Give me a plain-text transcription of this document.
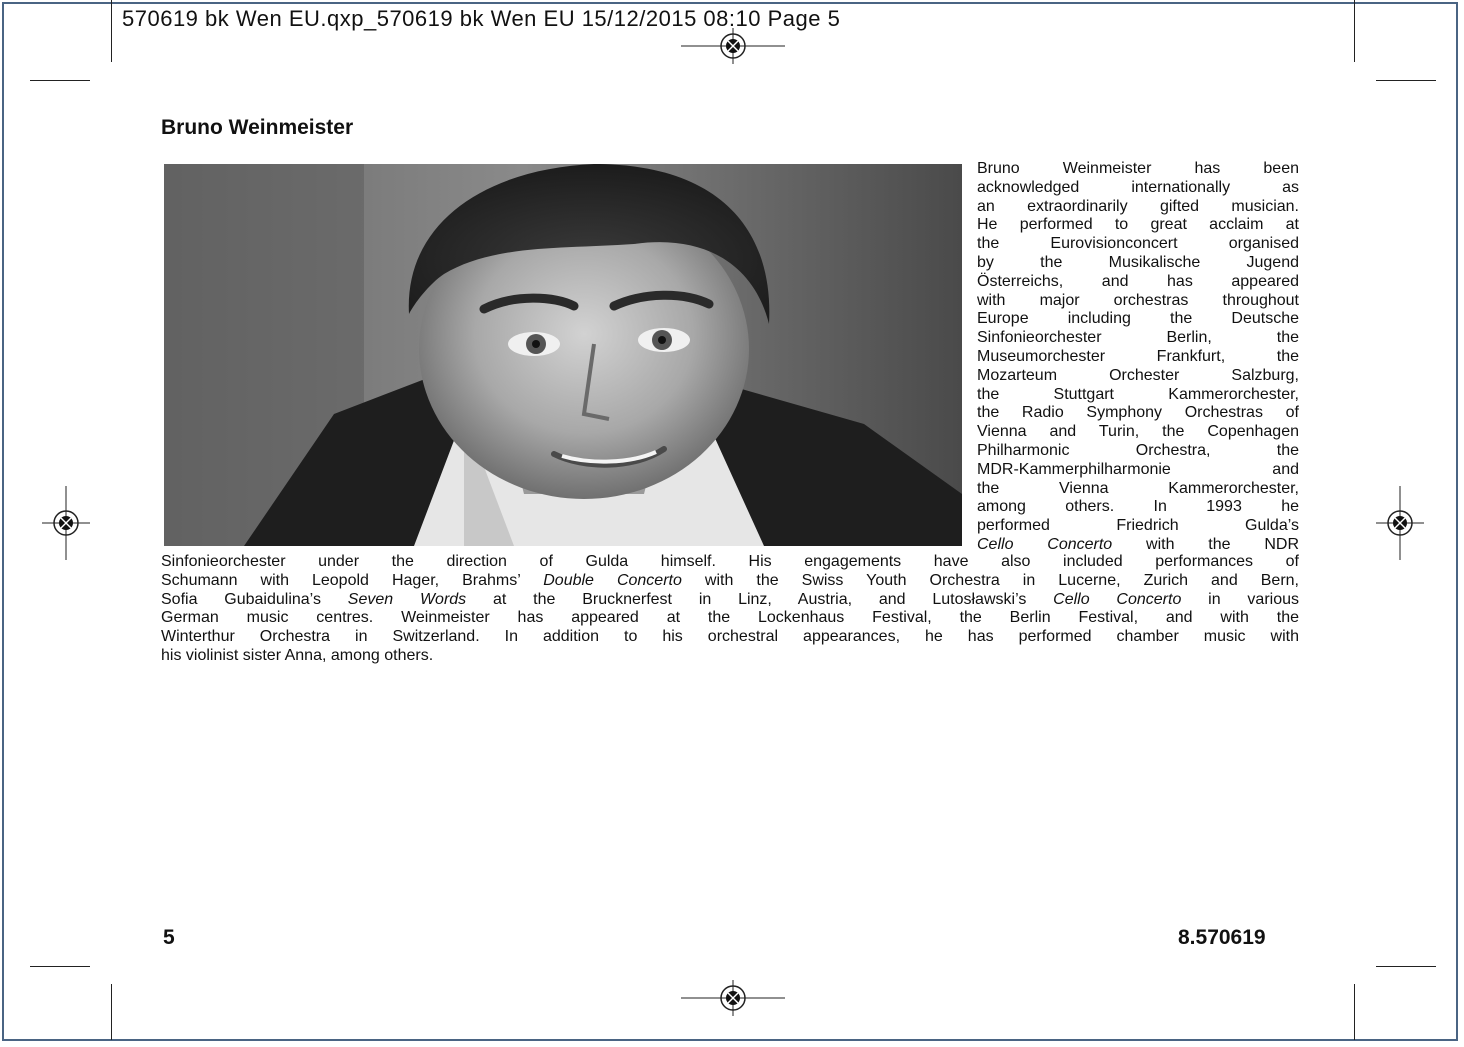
570619 bk Wen EU.qxp_570619 bk Wen EU 15/12/2015 08:10 Page 5
Bruno Weinmeister
Bruno Weinmeister has been
acknowledged internationally as
an extraordinarily gifted musician.
He performed to great acclaim at
the Eurovisionconcert organised
by the Musikalische Jugend
Österreichs, and has appeared
with major orchestras throughout
Europe including the Deutsche
Sinfonieorchester Berlin, the
Museumorchester Frankfurt, the
Mozarteum Orchester Salzburg,
the Stuttgart Kammerorchester,
the Radio Symphony Orchestras of
Vienna and Turin, the Copenhagen
Philharmonic Orchestra, the
MDR-Kammerphilharmonie and
the Vienna Kammerorchester,
among others. In 1993 he
performed Friedrich Gulda’s
Cello Concerto with the NDR
Sinfonieorchester under the direction of Gulda himself. His engagements have also included performances of
Schumann with Leopold Hager, Brahms’ Double Concerto with the Swiss Youth Orchestra in Lucerne, Zurich and Bern,
Sofia Gubaidulina’s Seven Words at the Brucknerfest in Linz, Austria, and Lutosławski’s Cello Concerto in various
German music centres. Weinmeister has appeared at the Lockenhaus Festival, the Berlin Festival, and with the
Winterthur Orchestra in Switzerland. In addition to his orchestral appearances, he has performed chamber music with
his violinist sister Anna, among others.
5	8.570619
